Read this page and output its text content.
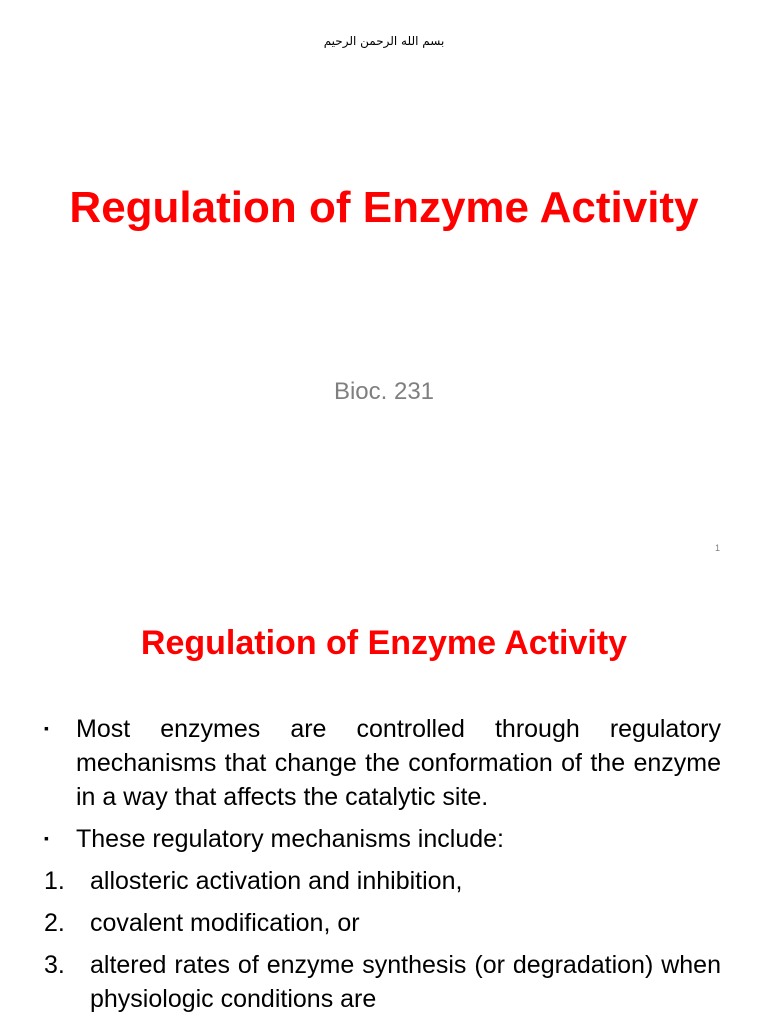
بسم الله الرحمن الرحيم
Regulation of Enzyme Activity
Bioc. 231
1
Regulation of Enzyme Activity
▪	Most enzymes are controlled through regulatory mechanisms that change the conformation of the enzyme in a way that affects the catalytic site.
▪	These regulatory mechanisms include:
1.	allosteric activation and inhibition,
2.	covalent modification, or
3.	altered rates of enzyme synthesis (or degradation) when physiologic conditions are
